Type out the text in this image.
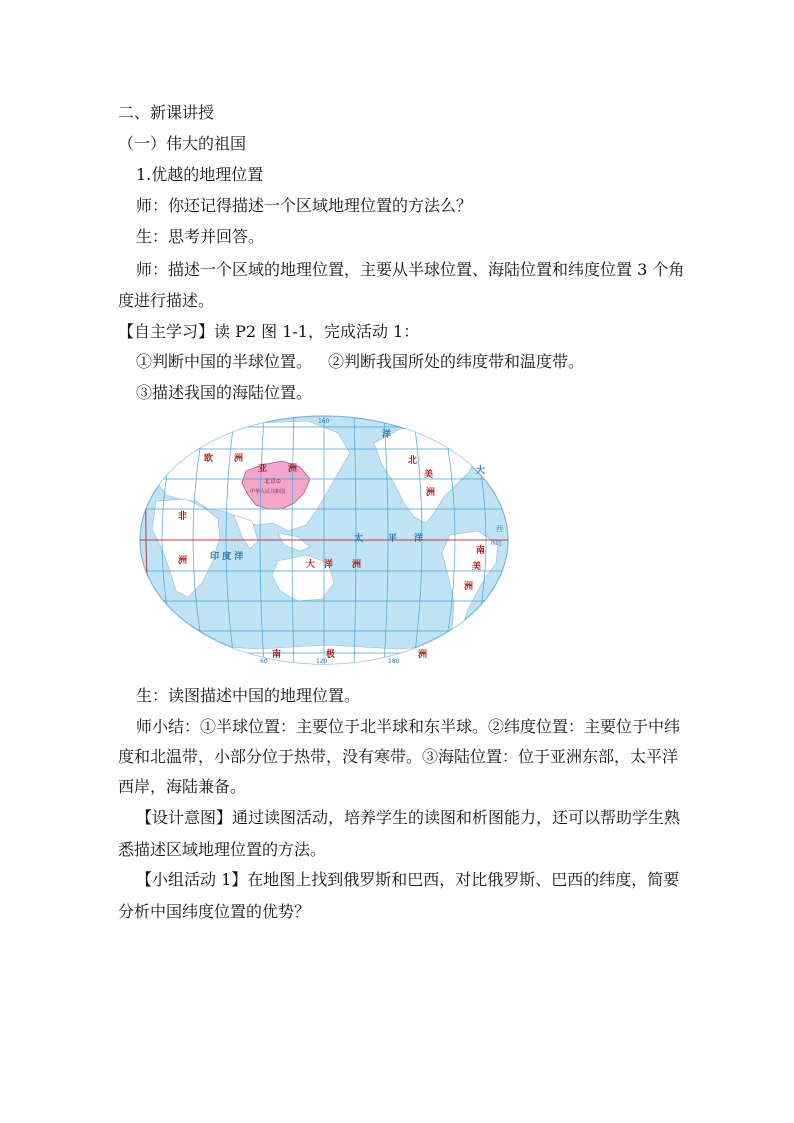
二、新课讲授
（一）伟大的祖国
1.优越的地理位置
师：你还记得描述一个区域地理位置的方法么？
生：思考并回答。
师：描述一个区域的地理位置，主要从半球位置、海陆位置和纬度位置 3 个角
度进行描述。
【自主学习】读 P2 图 1-1，完成活动 1：
①判断中国的半球位置。 ②判断我国所处的纬度带和温度带。
③描述我国的海陆位置。
欧 洲
亚 洲
北
美
洲
非
洲	大 洋 洲
南
美
洲
南	极	洲
洋
太	平 洋
印 度 洋
大
北京⊙
中华人民共和国
西
东经
160
180
60	120
生：读图描述中国的地理位置。
师小结：①半球位置：主要位于北半球和东半球。②纬度位置：主要位于中纬
度和北温带，小部分位于热带，没有寒带。③海陆位置：位于亚洲东部，太平洋
西岸，海陆兼备。
【设计意图】通过读图活动，培养学生的读图和析图能力，还可以帮助学生熟
悉描述区域地理位置的方法。
【小组活动 1】在地图上找到俄罗斯和巴西，对比俄罗斯、巴西的纬度，简要
分析中国纬度位置的优势？
